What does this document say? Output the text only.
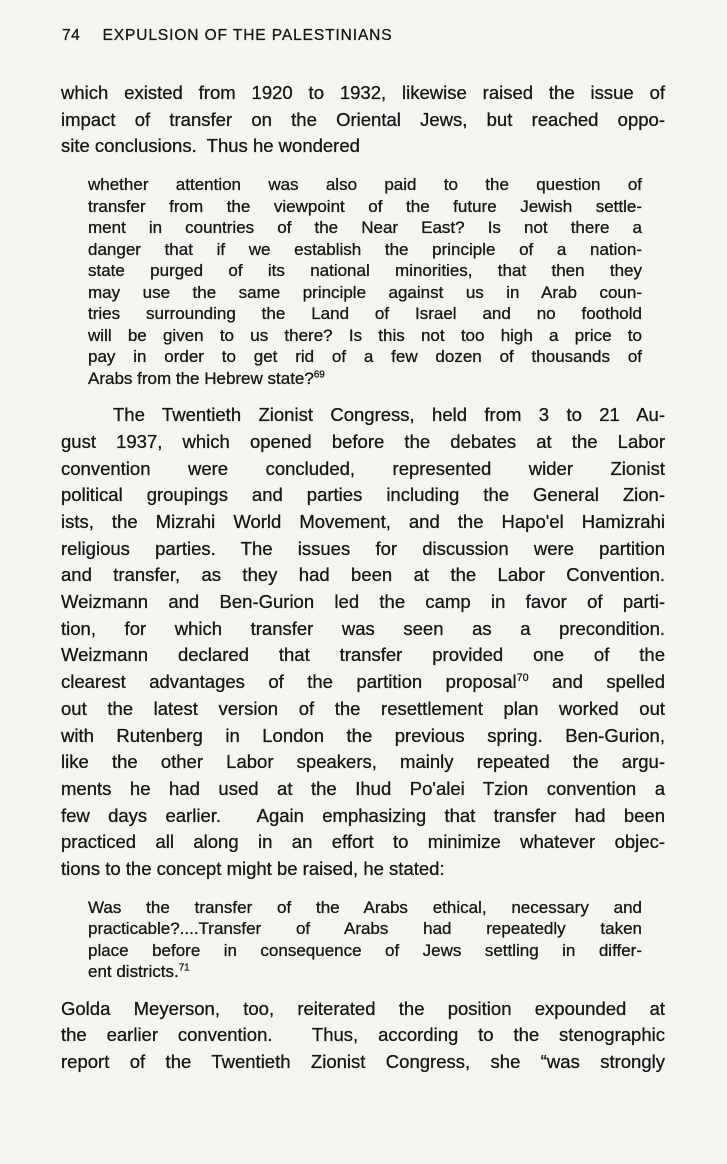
74 EXPULSION OF THE PALESTINIANS
which existed from 1920 to 1932, likewise raised the issue of
impact of transfer on the Oriental Jews, but reached oppo-
site conclusions.  Thus he wondered
whether attention was also paid to the question of
transfer from the viewpoint of the future Jewish settle-
ment in countries of the Near East? Is not there a
danger that if we establish the principle of a nation-
state purged of its national minorities, that then they
may use the same principle against us in Arab coun-
tries surrounding the Land of Israel and no foothold
will be given to us there? Is this not too high a price to
pay in order to get rid of a few dozen of thousands of
Arabs from the Hebrew state?$^{69}$
The Twentieth Zionist Congress, held from 3 to 21 Au-
gust 1937, which opened before the debates at the Labor
convention were concluded, represented wider Zionist
political groupings and parties including the General Zion-
ists, the Mizrahi World Movement, and the Hapo'el Hamizrahi
religious parties. The issues for discussion were partition
and transfer, as they had been at the Labor Convention.
Weizmann and Ben-Gurion led the camp in favor of parti-
tion, for which transfer was seen as a precondition.
Weizmann declared that transfer provided one of the
clearest advantages of the partition proposal$^{70}$ and spelled
out the latest version of the resettlement plan worked out
with Rutenberg in London the previous spring. Ben-Gurion,
like the other Labor speakers, mainly repeated the argu-
ments he had used at the Ihud Po'alei Tzion convention a
few days earlier.  Again emphasizing that transfer had been
practiced all along in an effort to minimize whatever objec-
tions to the concept might be raised, he stated:
Was the transfer of the Arabs ethical, necessary and
practicable?....Transfer of Arabs had repeatedly taken
place before in consequence of Jews settling in differ-
ent districts.$^{71}$
Golda Meyerson, too, reiterated the position expounded at
the earlier convention.  Thus, according to the stenographic
report of the Twentieth Zionist Congress, she “was strongly
